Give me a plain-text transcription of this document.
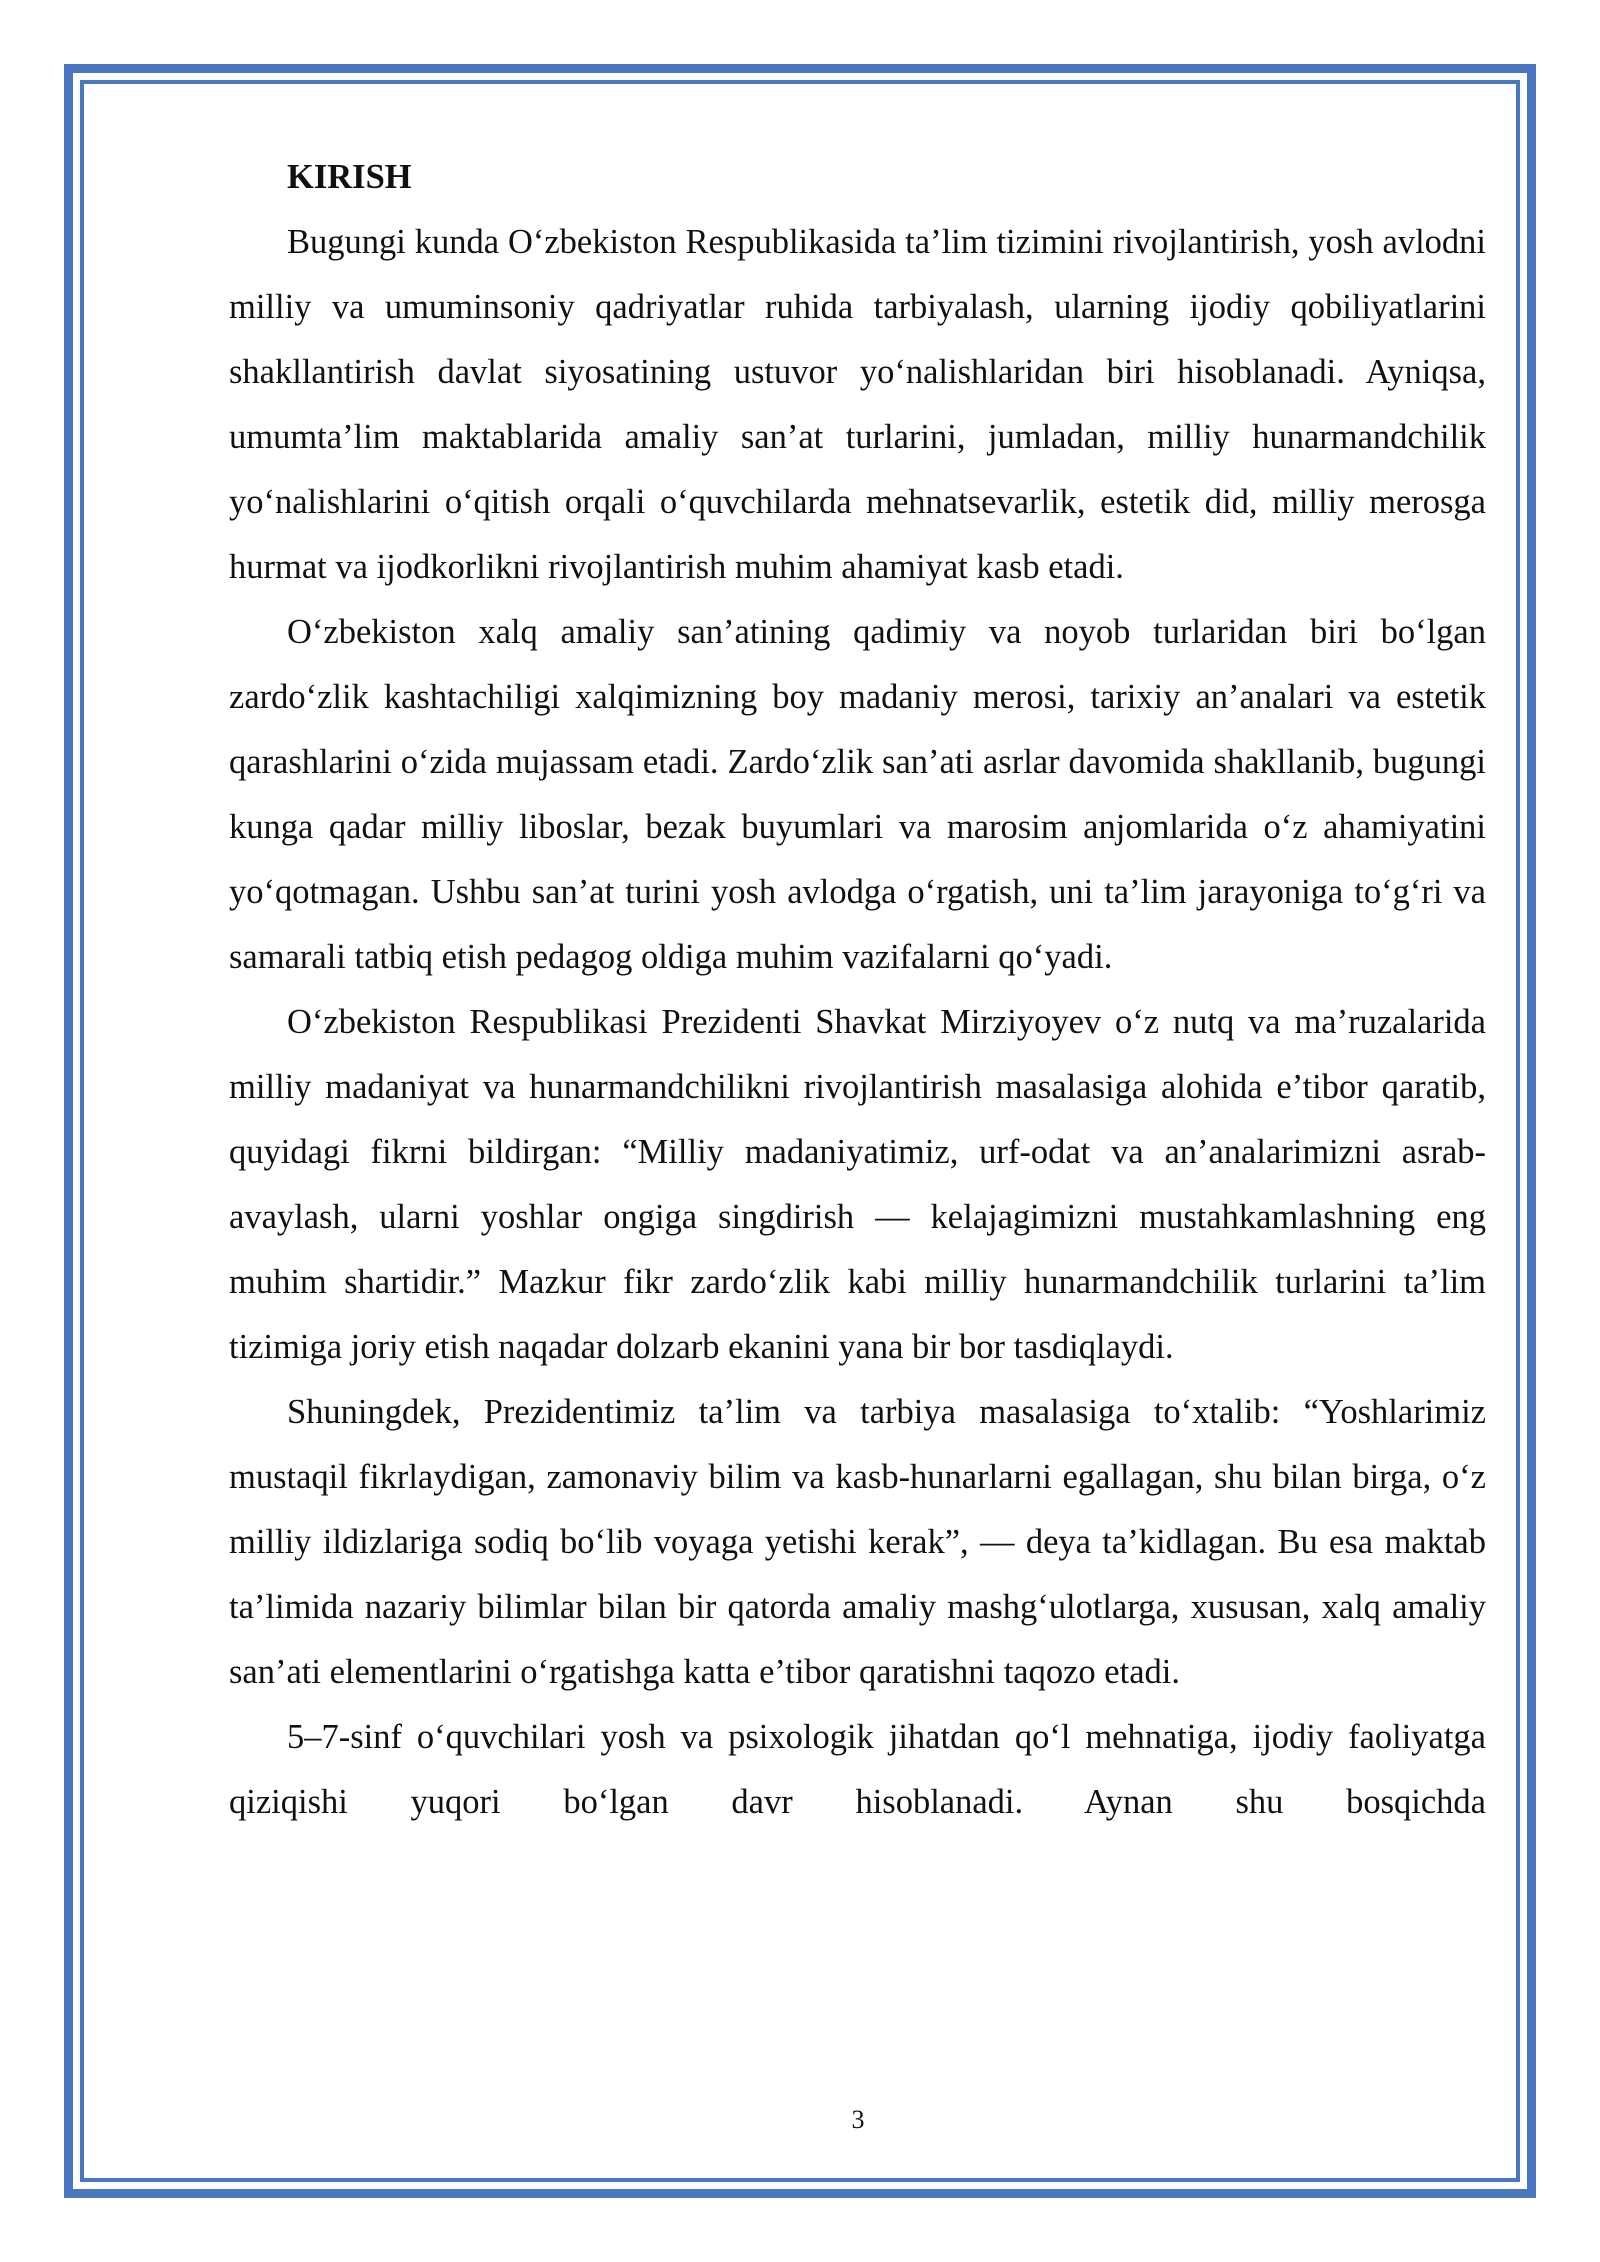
KIRISH

Bugungi kunda O‘zbekiston Respublikasida ta’lim tizimini rivojlantirish, yosh avlodni milliy va umuminsoniy qadriyatlar ruhida tarbiyalash, ularning ijodiy qobiliyatlarini shakllantirish davlat siyosatining ustuvor yo‘nalishlaridan biri hisoblanadi. Ayniqsa, umumta’lim maktablarida amaliy san’at turlarini, jumladan, milliy hunarmandchilik yo‘nalishlarini o‘qitish orqali o‘quvchilarda mehnatsevarlik, estetik did, milliy merosga hurmat va ijodkorlikni rivojlantirish muhim ahamiyat kasb etadi.

O‘zbekiston xalq amaliy san’atining qadimiy va noyob turlaridan biri bo‘lgan zardo‘zlik kashtachiligi xalqimizning boy madaniy merosi, tarixiy an’analari va estetik qarashlarini o‘zida mujassam etadi. Zardo‘zlik san’ati asrlar davomida shakllanib, bugungi kunga qadar milliy liboslar, bezak buyumlari va marosim anjomlarida o‘z ahamiyatini yo‘qotmagan. Ushbu san’at turini yosh avlodga o‘rgatish, uni ta’lim jarayoniga to‘g‘ri va samarali tatbiq etish pedagog oldiga muhim vazifalarni qo‘yadi.

O‘zbekiston Respublikasi Prezidenti Shavkat Mirziyoyev o‘z nutq va ma’ruzalarida milliy madaniyat va hunarmandchilikni rivojlantirish masalasiga alohida e’tibor qaratib, quyidagi fikrni bildirgan: “Milliy madaniyatimiz, urf-odat va an’analarimizni asrab-avaylash, ularni yoshlar ongiga singdirish — kelajagimizni mustahkamlashning eng muhim shartidir.” Mazkur fikr zardo‘zlik kabi milliy hunarmandchilik turlarini ta’lim tizimiga joriy etish naqadar dolzarb ekanini yana bir bor tasdiqlaydi.

Shuningdek, Prezidentimiz ta’lim va tarbiya masalasiga to‘xtalib: “Yoshlarimiz mustaqil fikrlaydigan, zamonaviy bilim va kasb-hunarlarni egallagan, shu bilan birga, o‘z milliy ildizlariga sodiq bo‘lib voyaga yetishi kerak”, — deya ta’kidlagan. Bu esa maktab ta’limida nazariy bilimlar bilan bir qatorda amaliy mashg‘ulotlarga, xususan, xalq amaliy san’ati elementlarini o‘rgatishga katta e’tibor qaratishni taqozo etadi.

5–7-sinf o‘quvchilari yosh va psixologik jihatdan qo‘l mehnatiga, ijodiy faoliyatga qiziqishi yuqori bo‘lgan davr hisoblanadi. Aynan shu bosqichda

3
